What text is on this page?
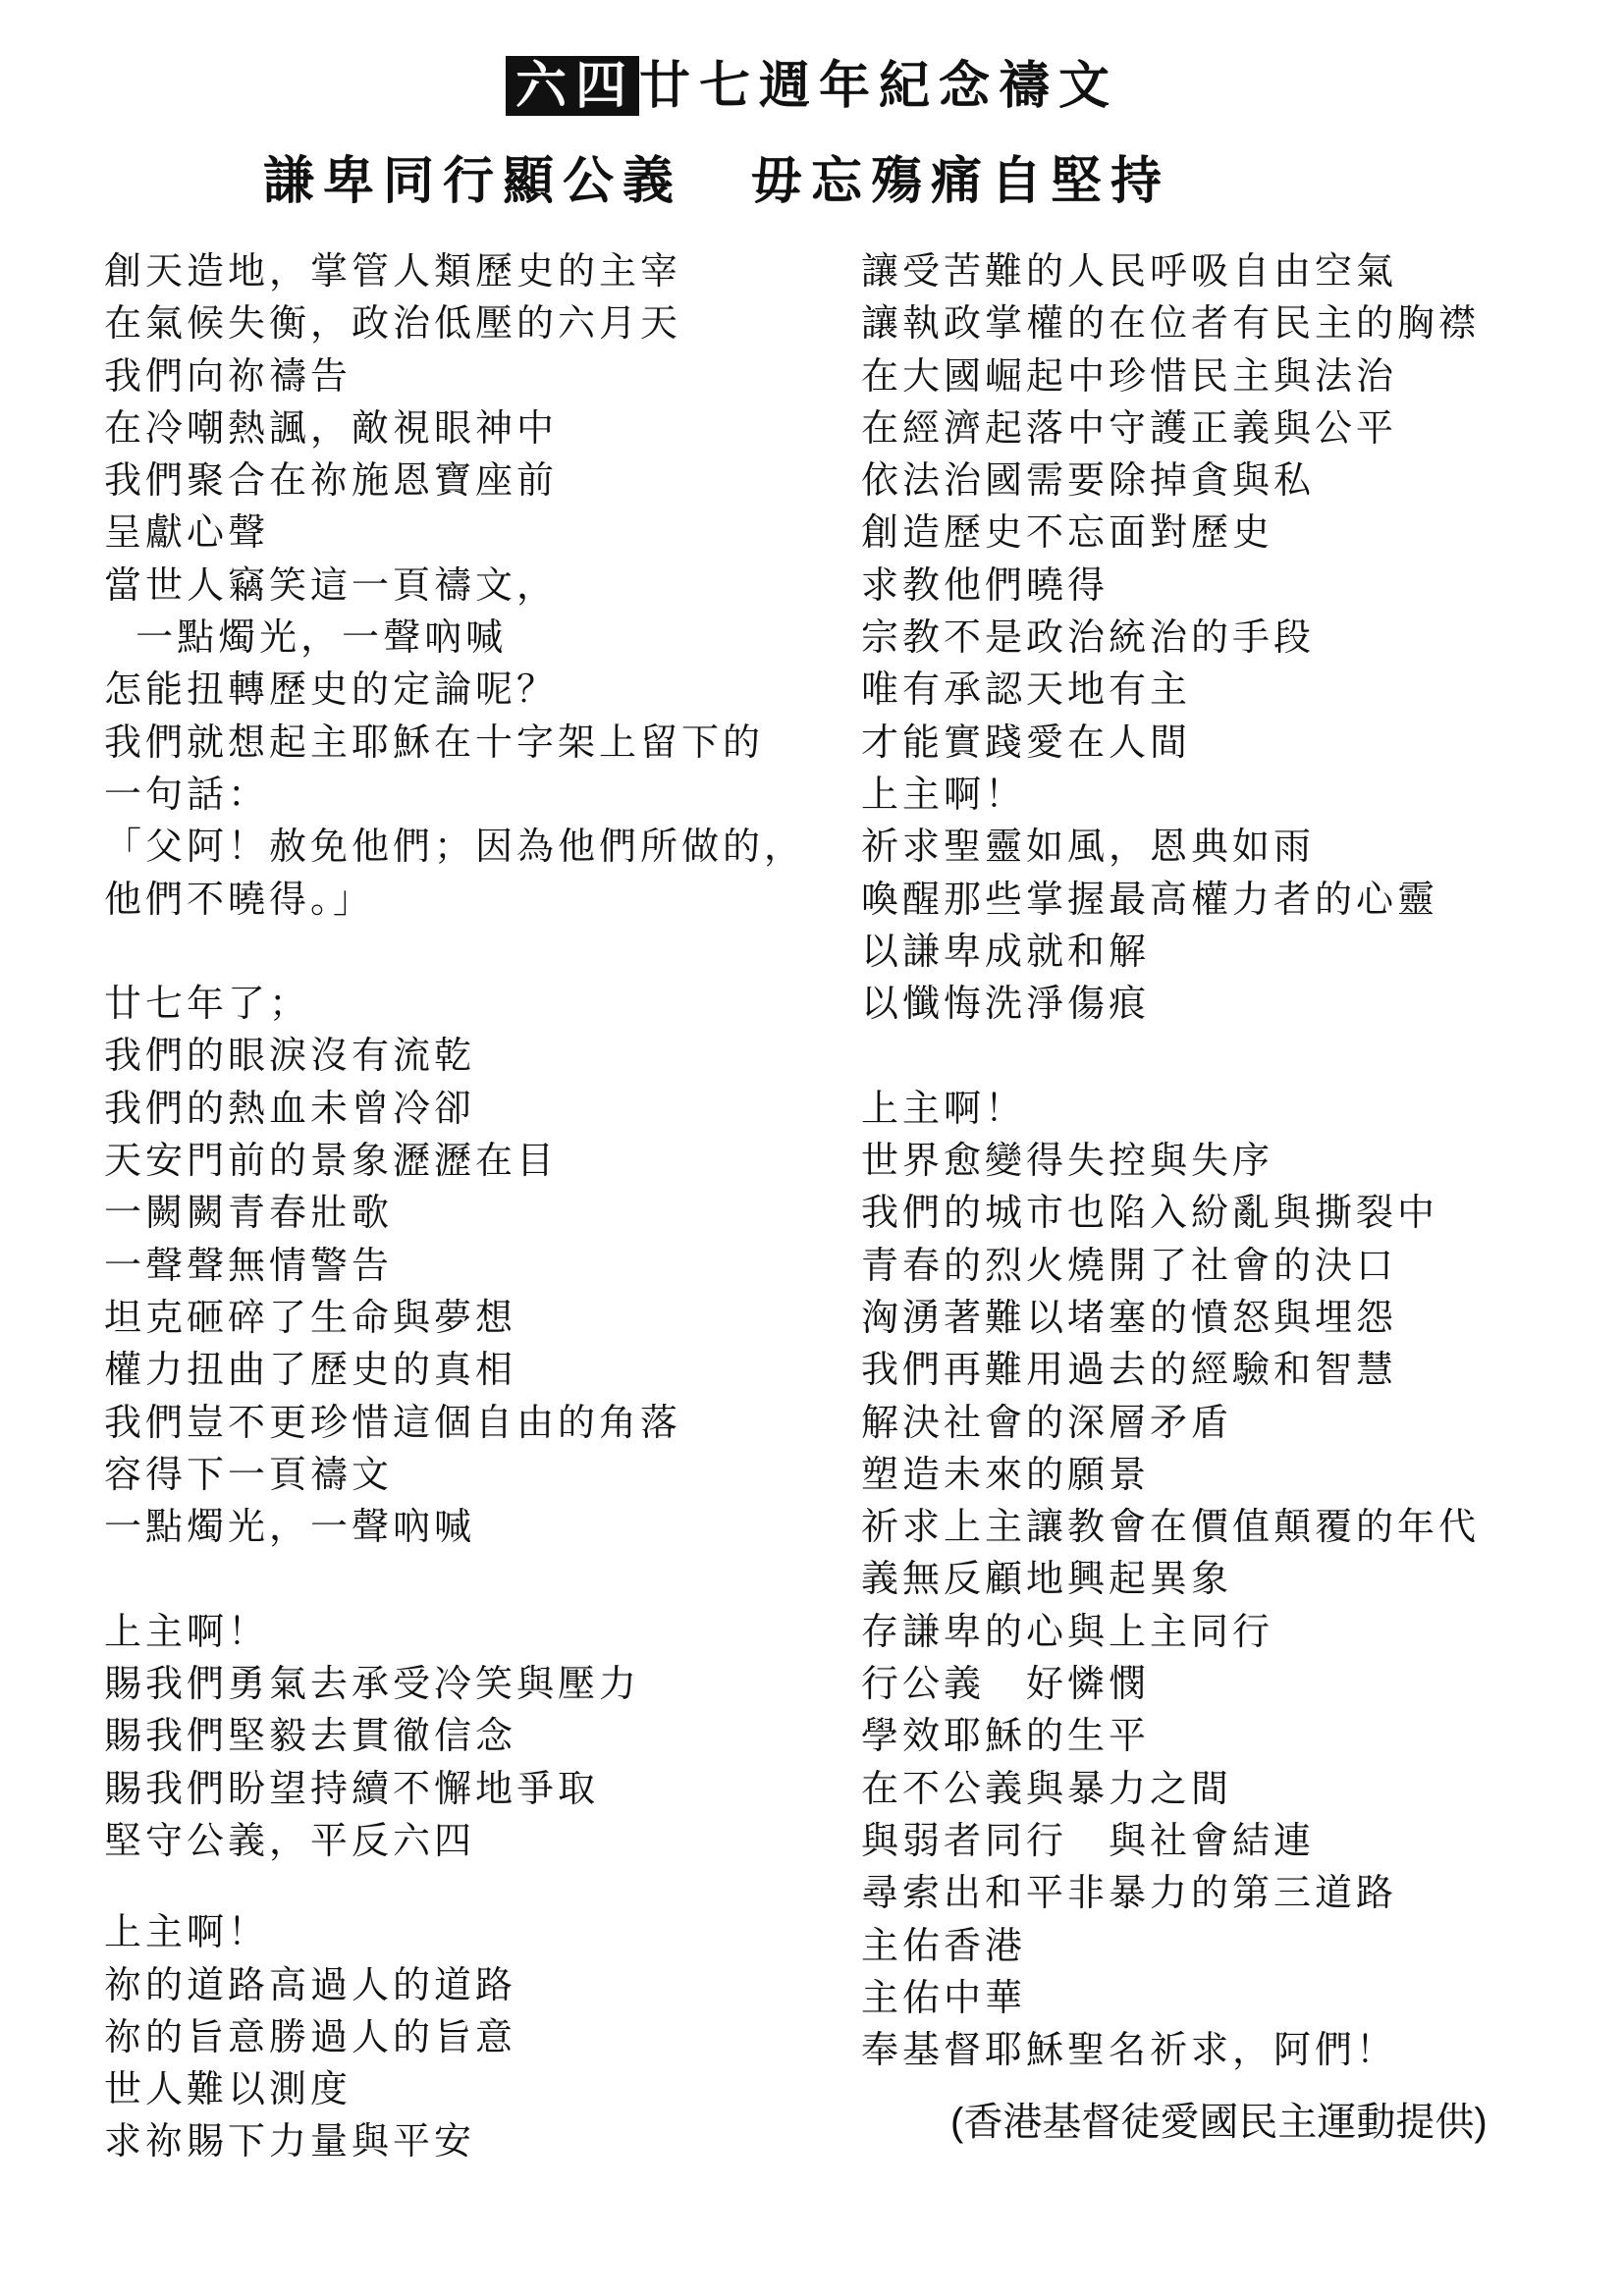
六四廿七週年紀念禱文
謙卑同行顯公義 毋忘殤痛自堅持
創天造地，掌管人類歷史的主宰
在氣候失衡，政治低壓的六月天
我們向祢禱告
在冷嘲熱諷，敵視眼神中
我們聚合在祢施恩寶座前
呈獻心聲
當世人竊笑這一頁禱文，
一點燭光，一聲吶喊
怎能扭轉歷史的定論呢？
我們就想起主耶穌在十字架上留下的
一句話：
「父阿！赦免他們；因為他們所做的，
他們不曉得。」
廿七年了；
我們的眼淚沒有流乾
我們的熱血未曾冷卻
天安門前的景象瀝瀝在目
一闕闕青春壯歌
一聲聲無情警告
坦克砸碎了生命與夢想
權力扭曲了歷史的真相
我們豈不更珍惜這個自由的角落
容得下一頁禱文
一點燭光，一聲吶喊
上主啊！
賜我們勇氣去承受冷笑與壓力
賜我們堅毅去貫徹信念
賜我們盼望持續不懈地爭取
堅守公義，平反六四
上主啊！
祢的道路高過人的道路
祢的旨意勝過人的旨意
世人難以測度
求祢賜下力量與平安
讓受苦難的人民呼吸自由空氣
讓執政掌權的在位者有民主的胸襟
在大國崛起中珍惜民主與法治
在經濟起落中守護正義與公平
依法治國需要除掉貪與私
創造歷史不忘面對歷史
求教他們曉得
宗教不是政治統治的手段
唯有承認天地有主
才能實踐愛在人間
上主啊！
祈求聖靈如風，恩典如雨
喚醒那些掌握最高權力者的心靈
以謙卑成就和解
以懺悔洗淨傷痕
上主啊！
世界愈變得失控與失序
我們的城市也陷入紛亂與撕裂中
青春的烈火燒開了社會的決口
洶湧著難以堵塞的憤怒與埋怨
我們再難用過去的經驗和智慧
解決社會的深層矛盾
塑造未來的願景
祈求上主讓教會在價值顛覆的年代
義無反顧地興起異象
存謙卑的心與上主同行
行公義　好憐憫
學效耶穌的生平
在不公義與暴力之間
與弱者同行　與社會結連
尋索出和平非暴力的第三道路
主佑香港
主佑中華
奉基督耶穌聖名祈求，阿們！
(香港基督徒愛國民主運動提供)
